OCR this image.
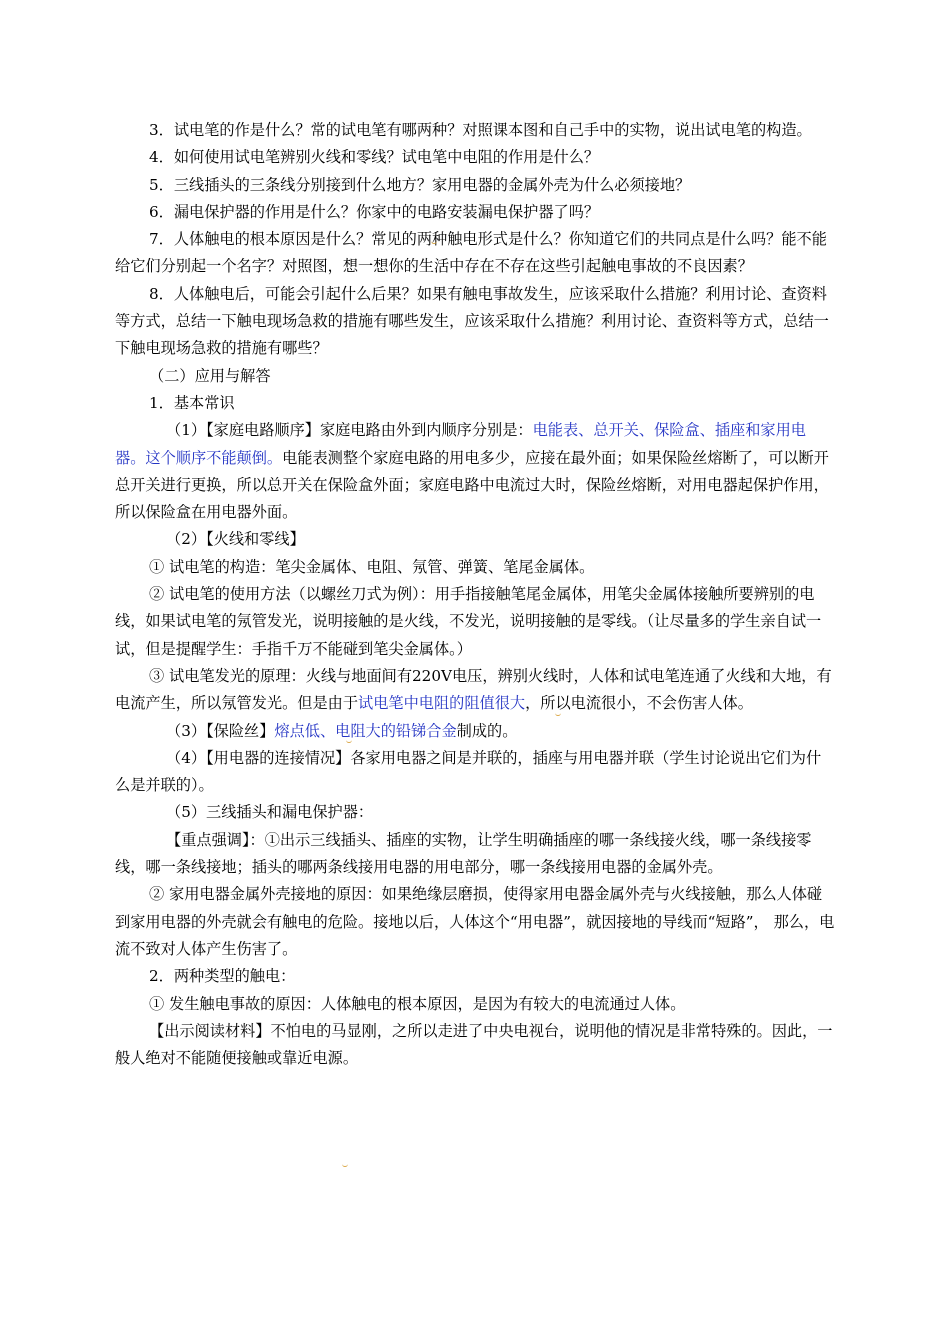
3．试电笔的作是什么？常的试电笔有哪两种？对照课本图和自己手中的实物，说出试电笔的构造。

4．如何使用试电笔辨别火线和零线？试电笔中电阻的作用是什么？

5．三线插头的三条线分别接到什么地方？家用电器的金属外壳为什么必须接地？

6．漏电保护器的作用是什么？你家中的电路安装漏电保护器了吗？

7．人体触电的根本原因是什么？常见的两种触电形式是什么？你知道它们的共同点是什么吗？能不能给它们分别起一个名字？对照图，想一想你的生活中存在不存在这些引起触电事故的不良因素？

8．人体触电后，可能会引起什么后果？如果有触电事故发生，应该采取什么措施？利用讨论、查资料等方式，总结一下触电现场急救的措施有哪些发生，应该采取什么措施？利用讨论、查资料等方式，总结一下触电现场急救的措施有哪些？

（二）应用与解答

1．基本常识

（1）【家庭电路顺序】家庭电路由外到内顺序分别是：电能表、总开关、保险盒、插座和家用电器。这个顺序不能颠倒。电能表测整个家庭电路的用电多少，应接在最外面；如果保险丝熔断了，可以断开总开关进行更换，所以总开关在保险盒外面；家庭电路中电流过大时，保险丝熔断，对用电器起保护作用，所以保险盒在用电器外面。

（2）【火线和零线】

① 试电笔的构造：笔尖金属体、电阻、氖管、弹簧、笔尾金属体。

② 试电笔的使用方法（以螺丝刀式为例）：用手指接触笔尾金属体，用笔尖金属体接触所要辨别的电线，如果试电笔的氖管发光，说明接触的是火线，不发光，说明接触的是零线。（让尽量多的学生亲自试一试，但是提醒学生：手指千万不能碰到笔尖金属体。）

③ 试电笔发光的原理：火线与地面间有220V电压，辨别火线时，人体和试电笔连通了火线和大地，有电流产生，所以氖管发光。但是由于试电笔中电阻的阻值很大，所以电流很小，不会伤害人体。

（3）【保险丝】熔点低、电阻大的铅锑合金制成的。

（4）【用电器的连接情况】各家用电器之间是并联的，插座与用电器并联（学生讨论说出它们为什么是并联的）。

（5）三线插头和漏电保护器：

【重点强调】：①出示三线插头、插座的实物，让学生明确插座的哪一条线接火线，哪一条线接零线，哪一条线接地；插头的哪两条线接用电器的用电部分，哪一条线接用电器的金属外壳。

② 家用电器金属外壳接地的原因：如果绝缘层磨损，使得家用电器金属外壳与火线接触，那么人体碰到家用电器的外壳就会有触电的危险。接地以后，人体这个“用电器”，就因接地的导线而“短路”， 那么，电流不致对人体产生伤害了。

2．两种类型的触电：

① 发生触电事故的原因：人体触电的根本原因，是因为有较大的电流通过人体。

【出示阅读材料】不怕电的马显刚，之所以走进了中央电视台，说明他的情况是非常特殊的。因此，一般人绝对不能随便接触或靠近电源。
